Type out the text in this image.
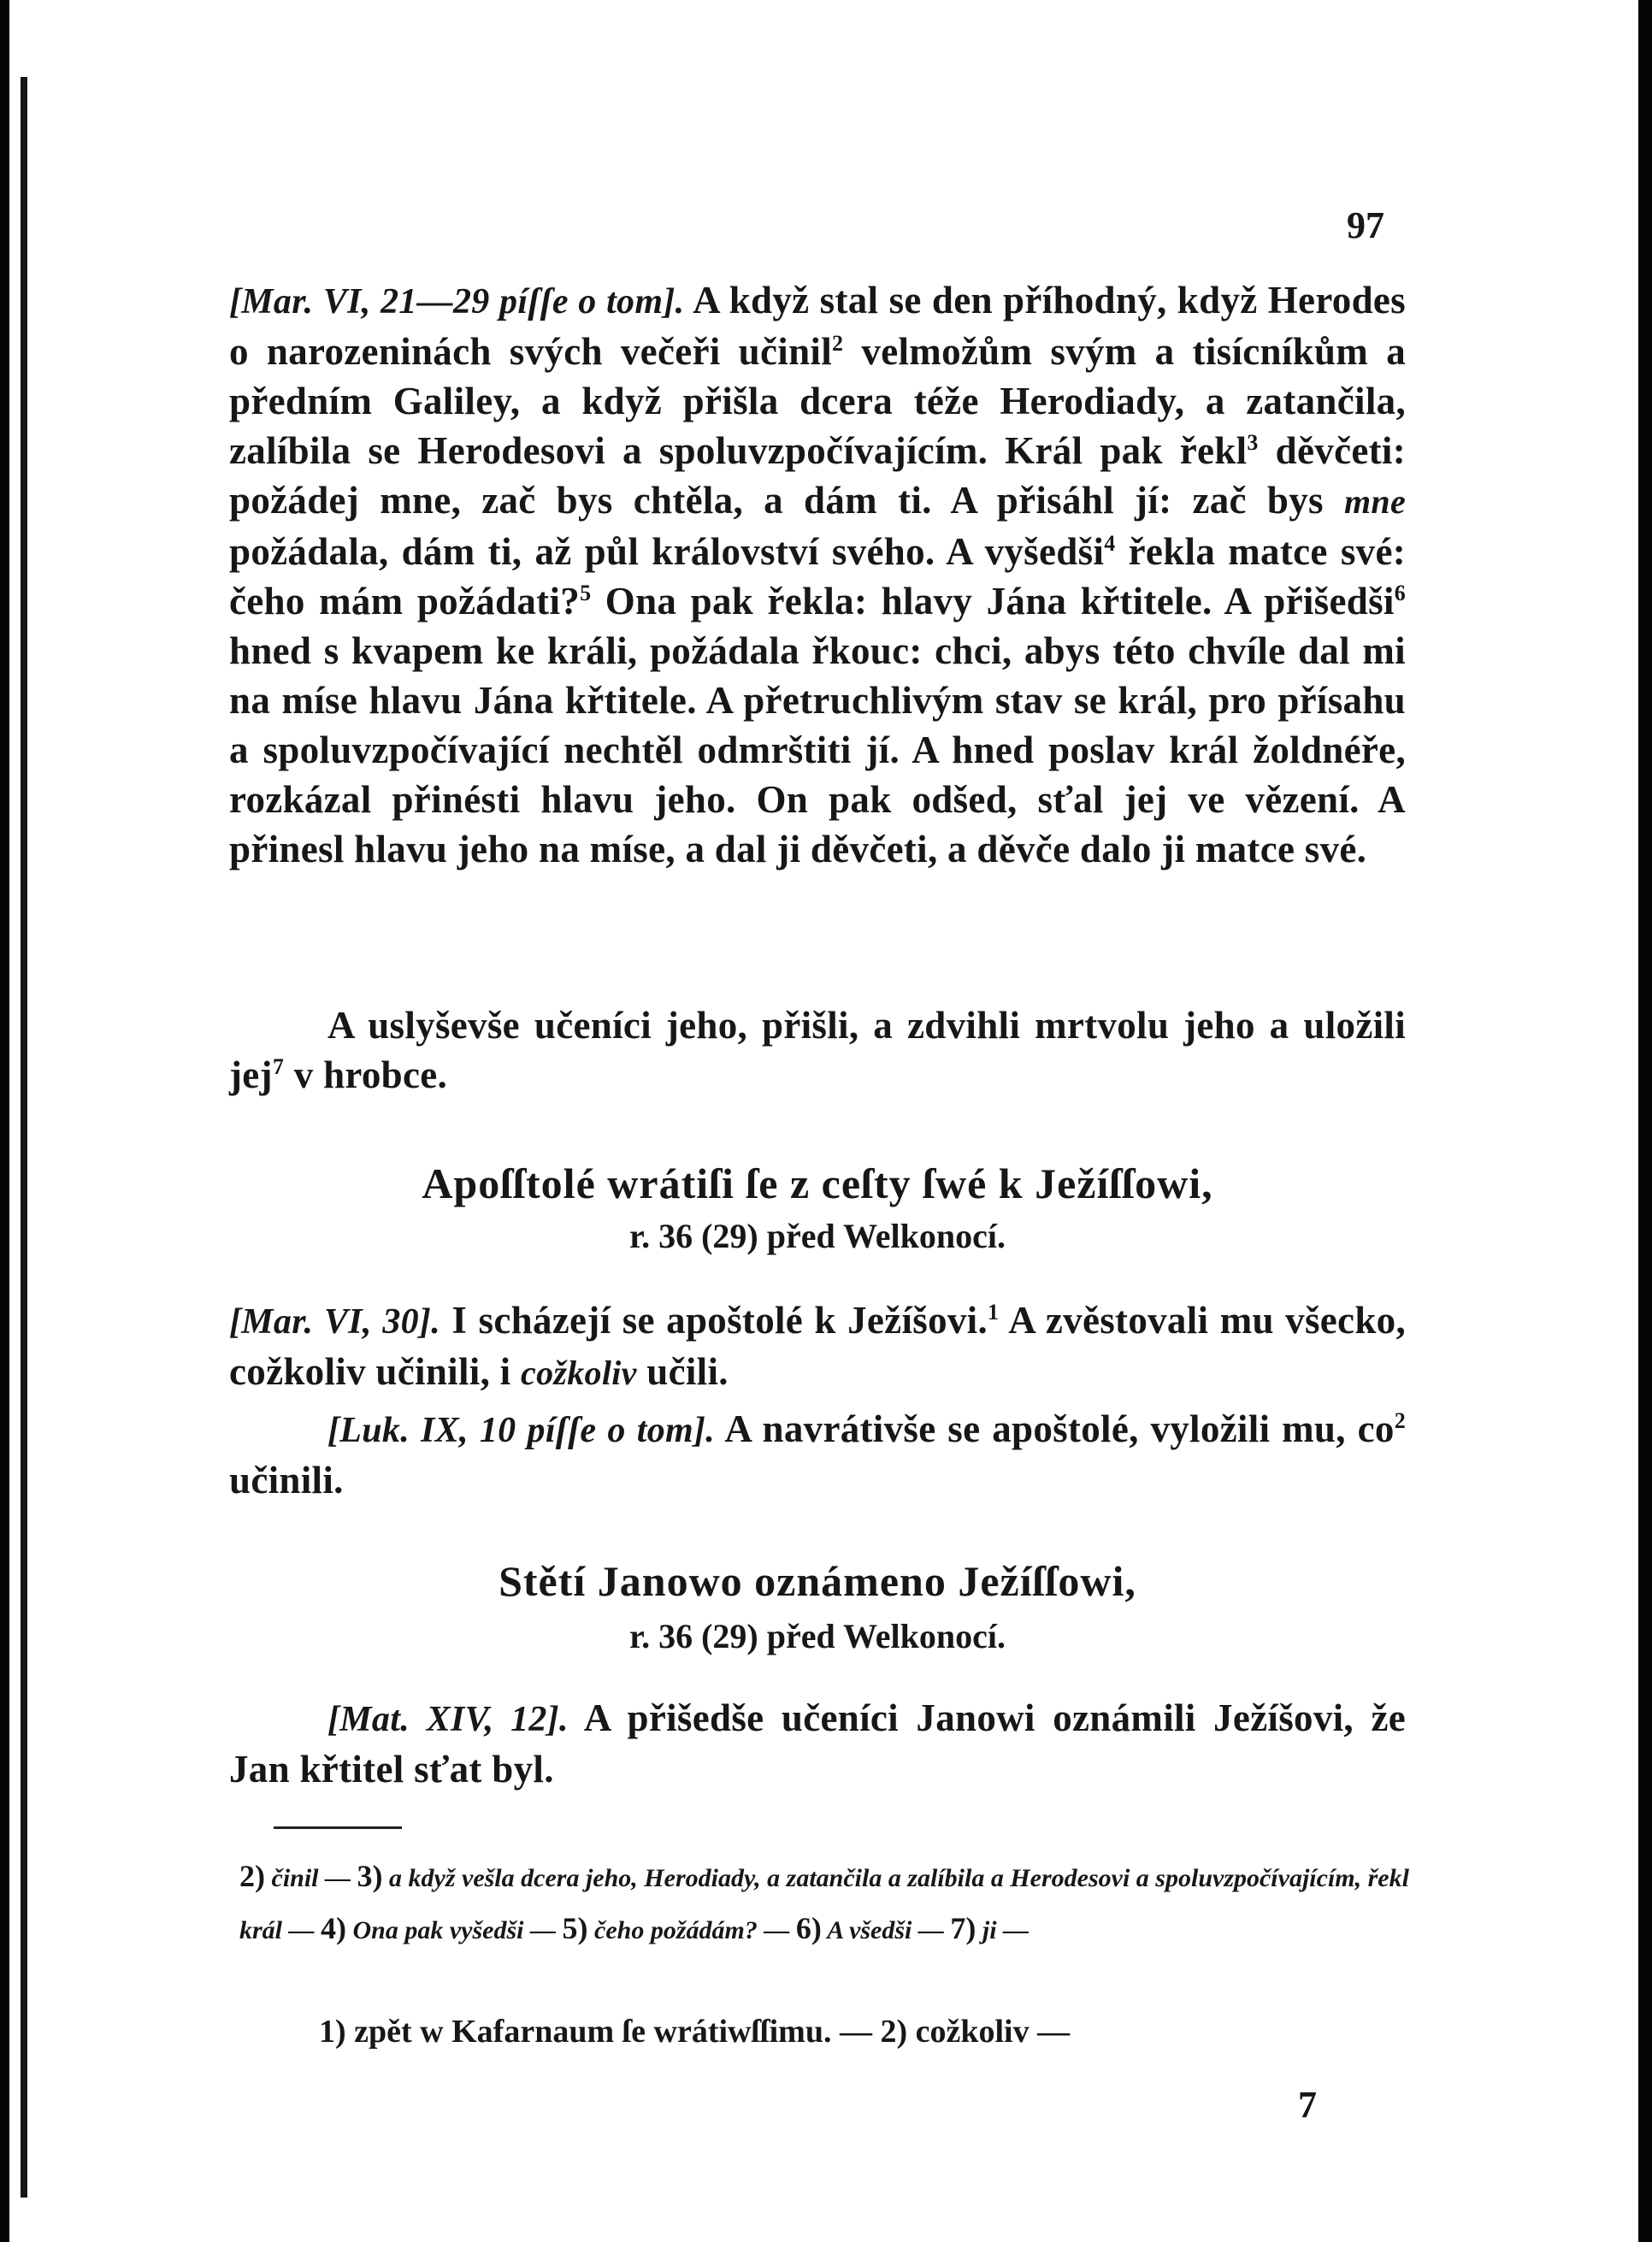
97

[Mar. VI, 21—29 píſſe o tom]. A když stal se den příhodný, když Herodes o narozeninách svých večeři učinil$^2$ velmožům svým a tisícníkům a předním Galiley, a když přišla dcera téže Herodiady, a zatančila, zalíbila se Herodesovi a spoluvzpočívajícím. Král pak řekl$^3$ děvčeti: požádej mne, zač bys chtěla, a dám ti. A přisáhl jí: zač bys mne požádala, dám ti, až půl království svého. A vyšedši$^4$ řekla matce své: čeho mám požádati?$^5$ Ona pak řekla: hlavy Jána křtitele. A přišedši$^6$ hned s kvapem ke králi, požádala řkouc: chci, abys této chvíle dal mi na míse hlavu Jána křtitele. A přetruchlivým stav se král, pro přísahu a spoluvzpočívající nechtěl odmrštiti jí. A hned poslav král žoldnéře, rozkázal přinésti hlavu jeho. On pak odšed, sťal jej ve vězení. A přinesl hlavu jeho na míse, a dal ji děvčeti, a děvče dalo ji matce své.

A uslyševše učeníci jeho, přišli, a zdvihli mrtvolu jeho a uložili jej$^7$ v hrobce.

Apoſſtolé wrátiſi ſe z ceſty ſwé k Ježíſſowi,
r. 36 (29) před Welkonocí.

[Mar. VI, 30]. I scházejí se apoštolé k Ježíšovi.$^1$ A zvěstovali mu všecko, cožkoliv učinili, i cožkoliv učili.

[Luk. IX, 10 píſſe o tom]. A navrátivše se apoštolé, vyložili mu, $co^2$ učinili.

Stětí Janowo oznámeno Ježíſſowi,
r. 36 (29) před Welkonocí.

[Mat. XIV, 12]. A přišedše učeníci Janowi oznámili Ježíšovi, že Jan křtitel sťat byl.

2) činil — 3) a když vešla dcera jeho, Herodiady, a zatančila a zalíbila a Herodesovi a spoluvzpočívajícím, řekl král — 4) Ona pak vyšedši — 5) čeho požádám? — 6) A všedši — 7) ji —
1) zpět w Kafarnaum ſe wrátiwſſimu. — 2) cožkoliv —
7
